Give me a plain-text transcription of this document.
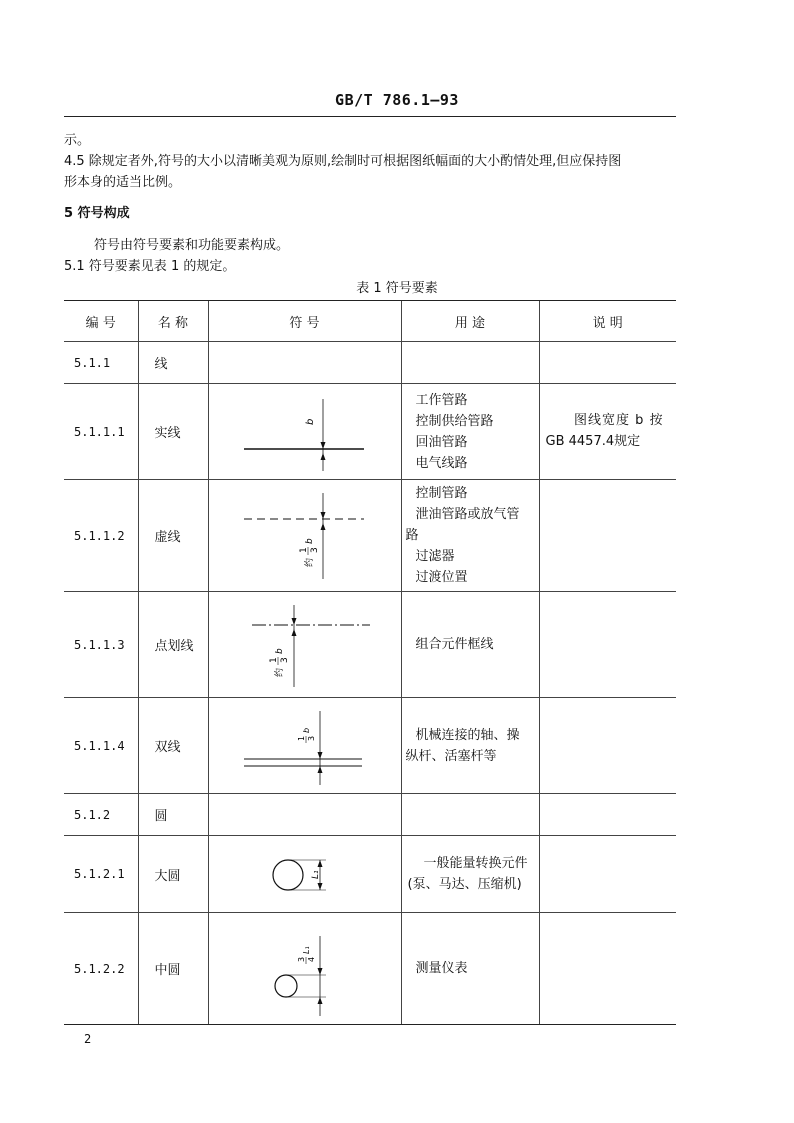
GB/T 786.1—93
示。
4.5 除规定者外,符号的大小以清晰美观为原则,绘制时可根据图纸幅面的大小酌情处理,但应保持图
形本身的适当比例。
5 符号构成
符号由符号要素和功能要素构成。
5.1 符号要素见表 1 的规定。
表 1 符号要素
编 号	名 称	符 号	用 途	说 明
5.1.1	线			
5.1.1.1	实线	b	工作管路
控制供给管路
回油管路
电气线路	图线宽度 b 按
GB 4457.4规定

5.1.1.2	虚线	约
1 3
b	控制管路
泄油管路或放气管
路
过滤器
过渡位置	

5.1.1.3	点划线	约
1 3
b	组合元件框线	

5.1.1.4	双线	1 3
b	机械连接的轴、操
纵杆、活塞杆等	

5.1.2	圆			
5.1.2.1	大圆	L₁	一般能量转换元件
(泵、马达、压缩机)	

5.1.2.2	中圆	3 4
L₁	测量仪表	

2
